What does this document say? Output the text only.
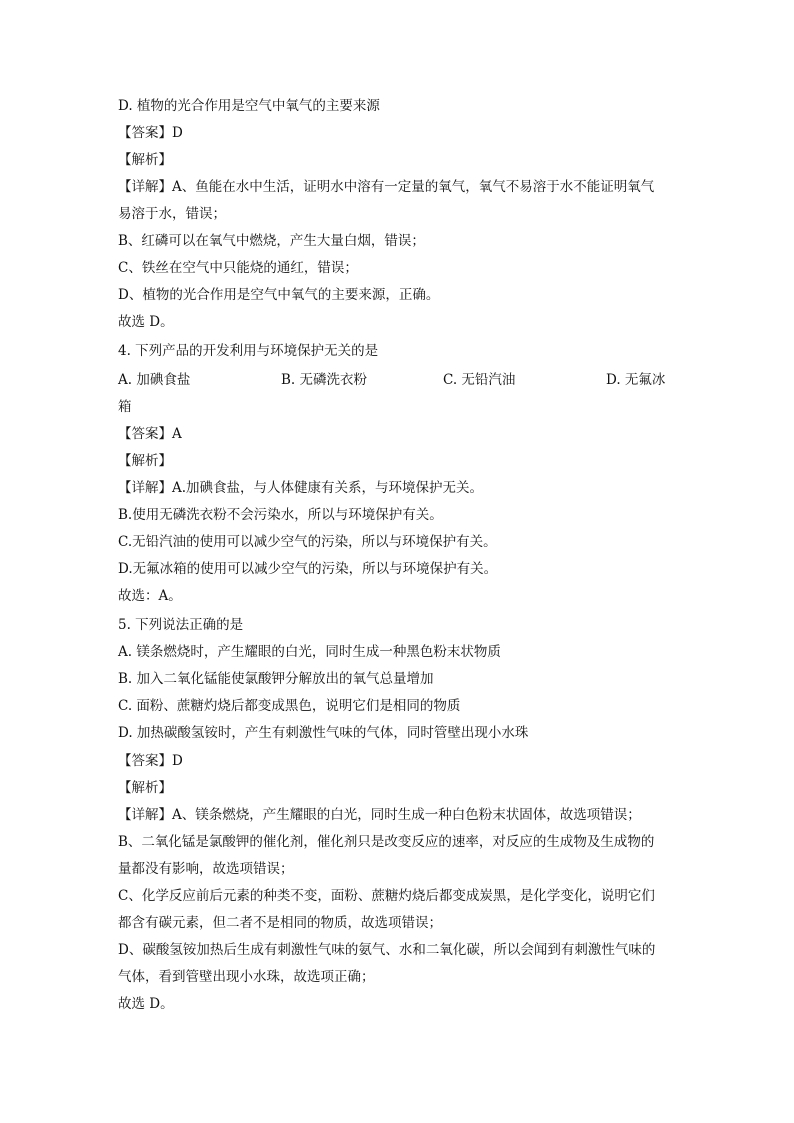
D. 植物的光合作用是空气中氧气的主要来源
【答案】D
【解析】
【详解】A、鱼能在水中生活，证明水中溶有一定量的氧气，氧气不易溶于水不能证明氧气
易溶于水，错误；
B、红磷可以在氧气中燃烧，产生大量白烟，错误；
C、铁丝在空气中只能烧的通红，错误；
D、植物的光合作用是空气中氧气的主要来源，正确。
故选 D。
4. 下列产品的开发利用与环境保护无关的是
A. 加碘食盐	B. 无磷洗衣粉	C. 无铅汽油	D. 无氟冰
箱
【答案】A
【解析】
【详解】A.加碘食盐，与人体健康有关系，与环境保护无关。
B.使用无磷洗衣粉不会污染水，所以与环境保护有关。
C.无铅汽油的使用可以减少空气的污染，所以与环境保护有关。
D.无氟冰箱的使用可以减少空气的污染，所以与环境保护有关。
故选：A。
5. 下列说法正确的是
A. 镁条燃烧时，产生耀眼的白光，同时生成一种黑色粉末状物质
B. 加入二氧化锰能使氯酸钾分解放出的氧气总量增加
C. 面粉、蔗糖灼烧后都变成黑色，说明它们是相同的物质
D. 加热碳酸氢铵时，产生有刺激性气味的气体，同时管壁出现小水珠
【答案】D
【解析】
【详解】A、镁条燃烧，产生耀眼的白光，同时生成一种白色粉末状固体，故选项错误；
B、二氧化锰是氯酸钾的催化剂，催化剂只是改变反应的速率，对反应的生成物及生成物的
量都没有影响，故选项错误；
C、化学反应前后元素的种类不变，面粉、蔗糖灼烧后都变成炭黑，是化学变化，说明它们
都含有碳元素，但二者不是相同的物质，故选项错误；
D、碳酸氢铵加热后生成有刺激性气味的氨气、水和二氧化碳，所以会闻到有刺激性气味的
气体，看到管壁出现小水珠，故选项正确；
故选 D。
